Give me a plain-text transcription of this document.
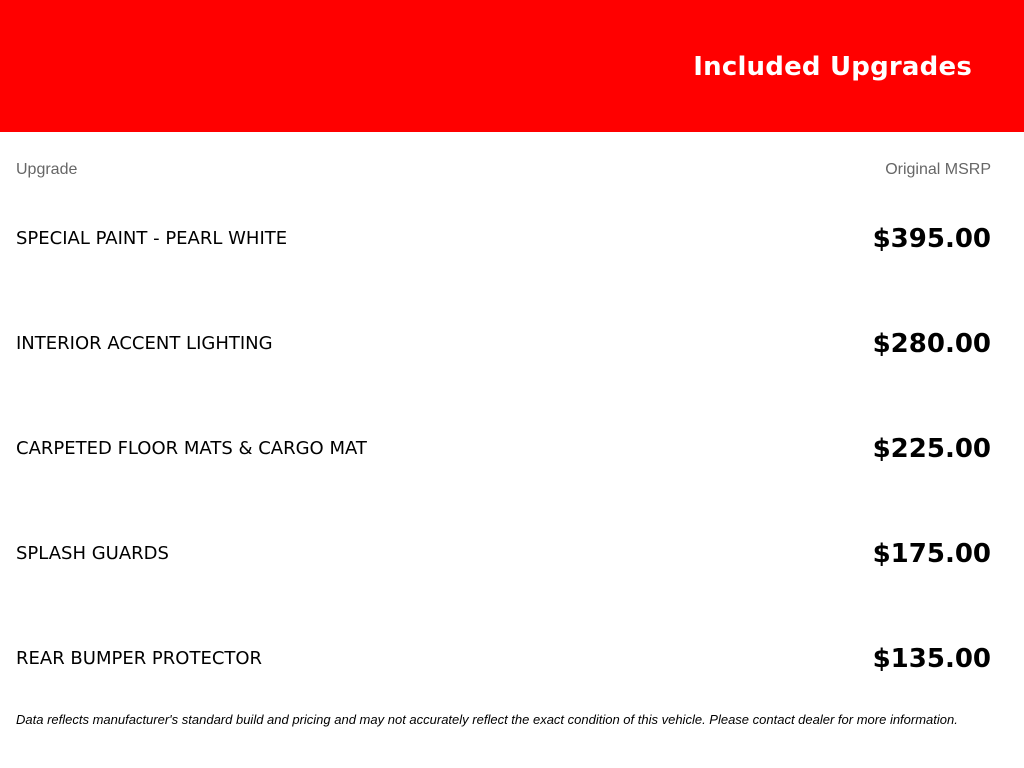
Included Upgrades
Upgrade	Original MSRP
SPECIAL PAINT - PEARL WHITE	$395.00
INTERIOR ACCENT LIGHTING	$280.00
CARPETED FLOOR MATS & CARGO MAT	$225.00
SPLASH GUARDS	$175.00
REAR BUMPER PROTECTOR	$135.00
Data reflects manufacturer's standard build and pricing and may not accurately reflect the exact condition of this vehicle. Please contact dealer for more information.
